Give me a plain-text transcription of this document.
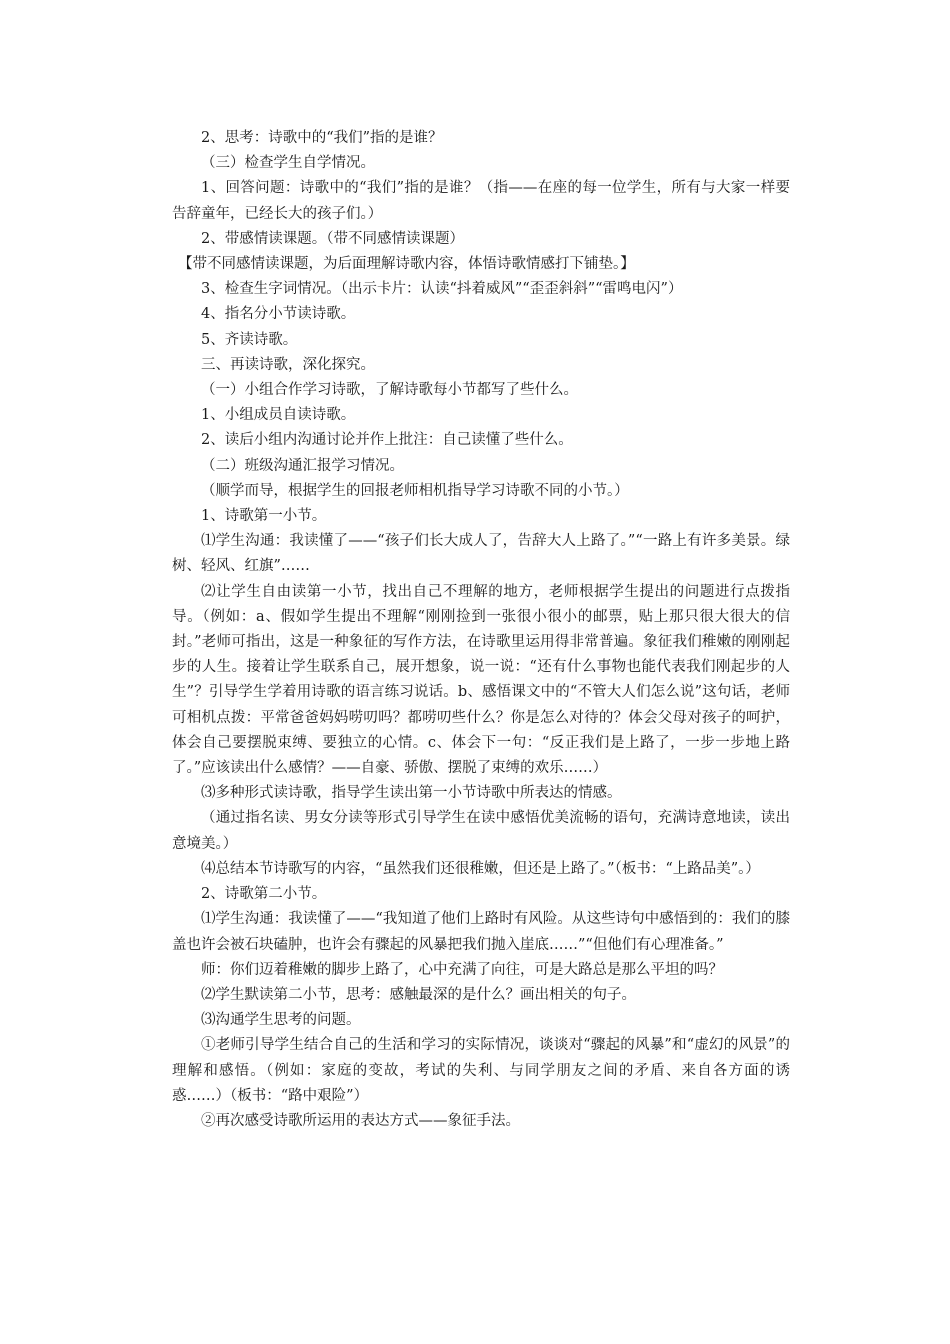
2、思考：诗歌中的“我们”指的是谁？

（三）检查学生自学情况。

1、回答问题：诗歌中的“我们”指的是谁？（指——在座的每一位学生，所有与大家一样要告辞童年，已经长大的孩子们。）

2、带感情读课题。（带不同感情读课题）

【带不同感情读课题，为后面理解诗歌内容，体悟诗歌情感打下铺垫。】

3、检查生字词情况。（出示卡片：认读“抖着威风”“歪歪斜斜”“雷鸣电闪”）

4、指名分小节读诗歌。

5、齐读诗歌。

三、再读诗歌，深化探究。

（一）小组合作学习诗歌，了解诗歌每小节都写了些什么。

1、小组成员自读诗歌。

2、读后小组内沟通讨论并作上批注：自己读懂了些什么。

（二）班级沟通汇报学习情况。

（顺学而导，根据学生的回报老师相机指导学习诗歌不同的小节。）

1、诗歌第一小节。

⑴学生沟通：我读懂了——“孩子们长大成人了，告辞大人上路了。”“一路上有许多美景。绿树、轻风、红旗”……

⑵让学生自由读第一小节，找出自己不理解的地方，老师根据学生提出的问题进行点拨指导。（例如：a、假如学生提出不理解“刚刚捡到一张很小很小的邮票，贴上那只很大很大的信封。”老师可指出，这是一种象征的写作方法，在诗歌里运用得非常普遍。象征我们稚嫩的刚刚起步的人生。接着让学生联系自己，展开想象，说一说：“还有什么事物也能代表我们刚起步的人生”？引导学生学着用诗歌的语言练习说话。b、感悟课文中的“不管大人们怎么说”这句话，老师可相机点拨：平常爸爸妈妈唠叨吗？都唠叨些什么？你是怎么对待的？体会父母对孩子的呵护，体会自己要摆脱束缚、要独立的心情。c、体会下一句：“反正我们是上路了，一步一步地上路了。”应该读出什么感情？——自豪、骄傲、摆脱了束缚的欢乐……）

⑶多种形式读诗歌，指导学生读出第一小节诗歌中所表达的情感。

（通过指名读、男女分读等形式引导学生在读中感悟优美流畅的语句，充满诗意地读，读出意境美。）

⑷总结本节诗歌写的内容，“虽然我们还很稚嫩，但还是上路了。”（板书：“上路品美”。）

2、诗歌第二小节。

⑴学生沟通：我读懂了——“我知道了他们上路时有风险。从这些诗句中感悟到的：我们的膝盖也许会被石块磕肿，也许会有骤起的风暴把我们抛入崖底……”“但他们有心理准备。”

师：你们迈着稚嫩的脚步上路了，心中充满了向往，可是大路总是那么平坦的吗？

⑵学生默读第二小节，思考：感触最深的是什么？画出相关的句子。

⑶沟通学生思考的问题。

①老师引导学生结合自己的生活和学习的实际情况，谈谈对“骤起的风暴”和“虚幻的风景”的理解和感悟。（例如：家庭的变故，考试的失利、与同学朋友之间的矛盾、来自各方面的诱惑……）（板书：“路中艰险”）

②再次感受诗歌所运用的表达方式——象征手法。
